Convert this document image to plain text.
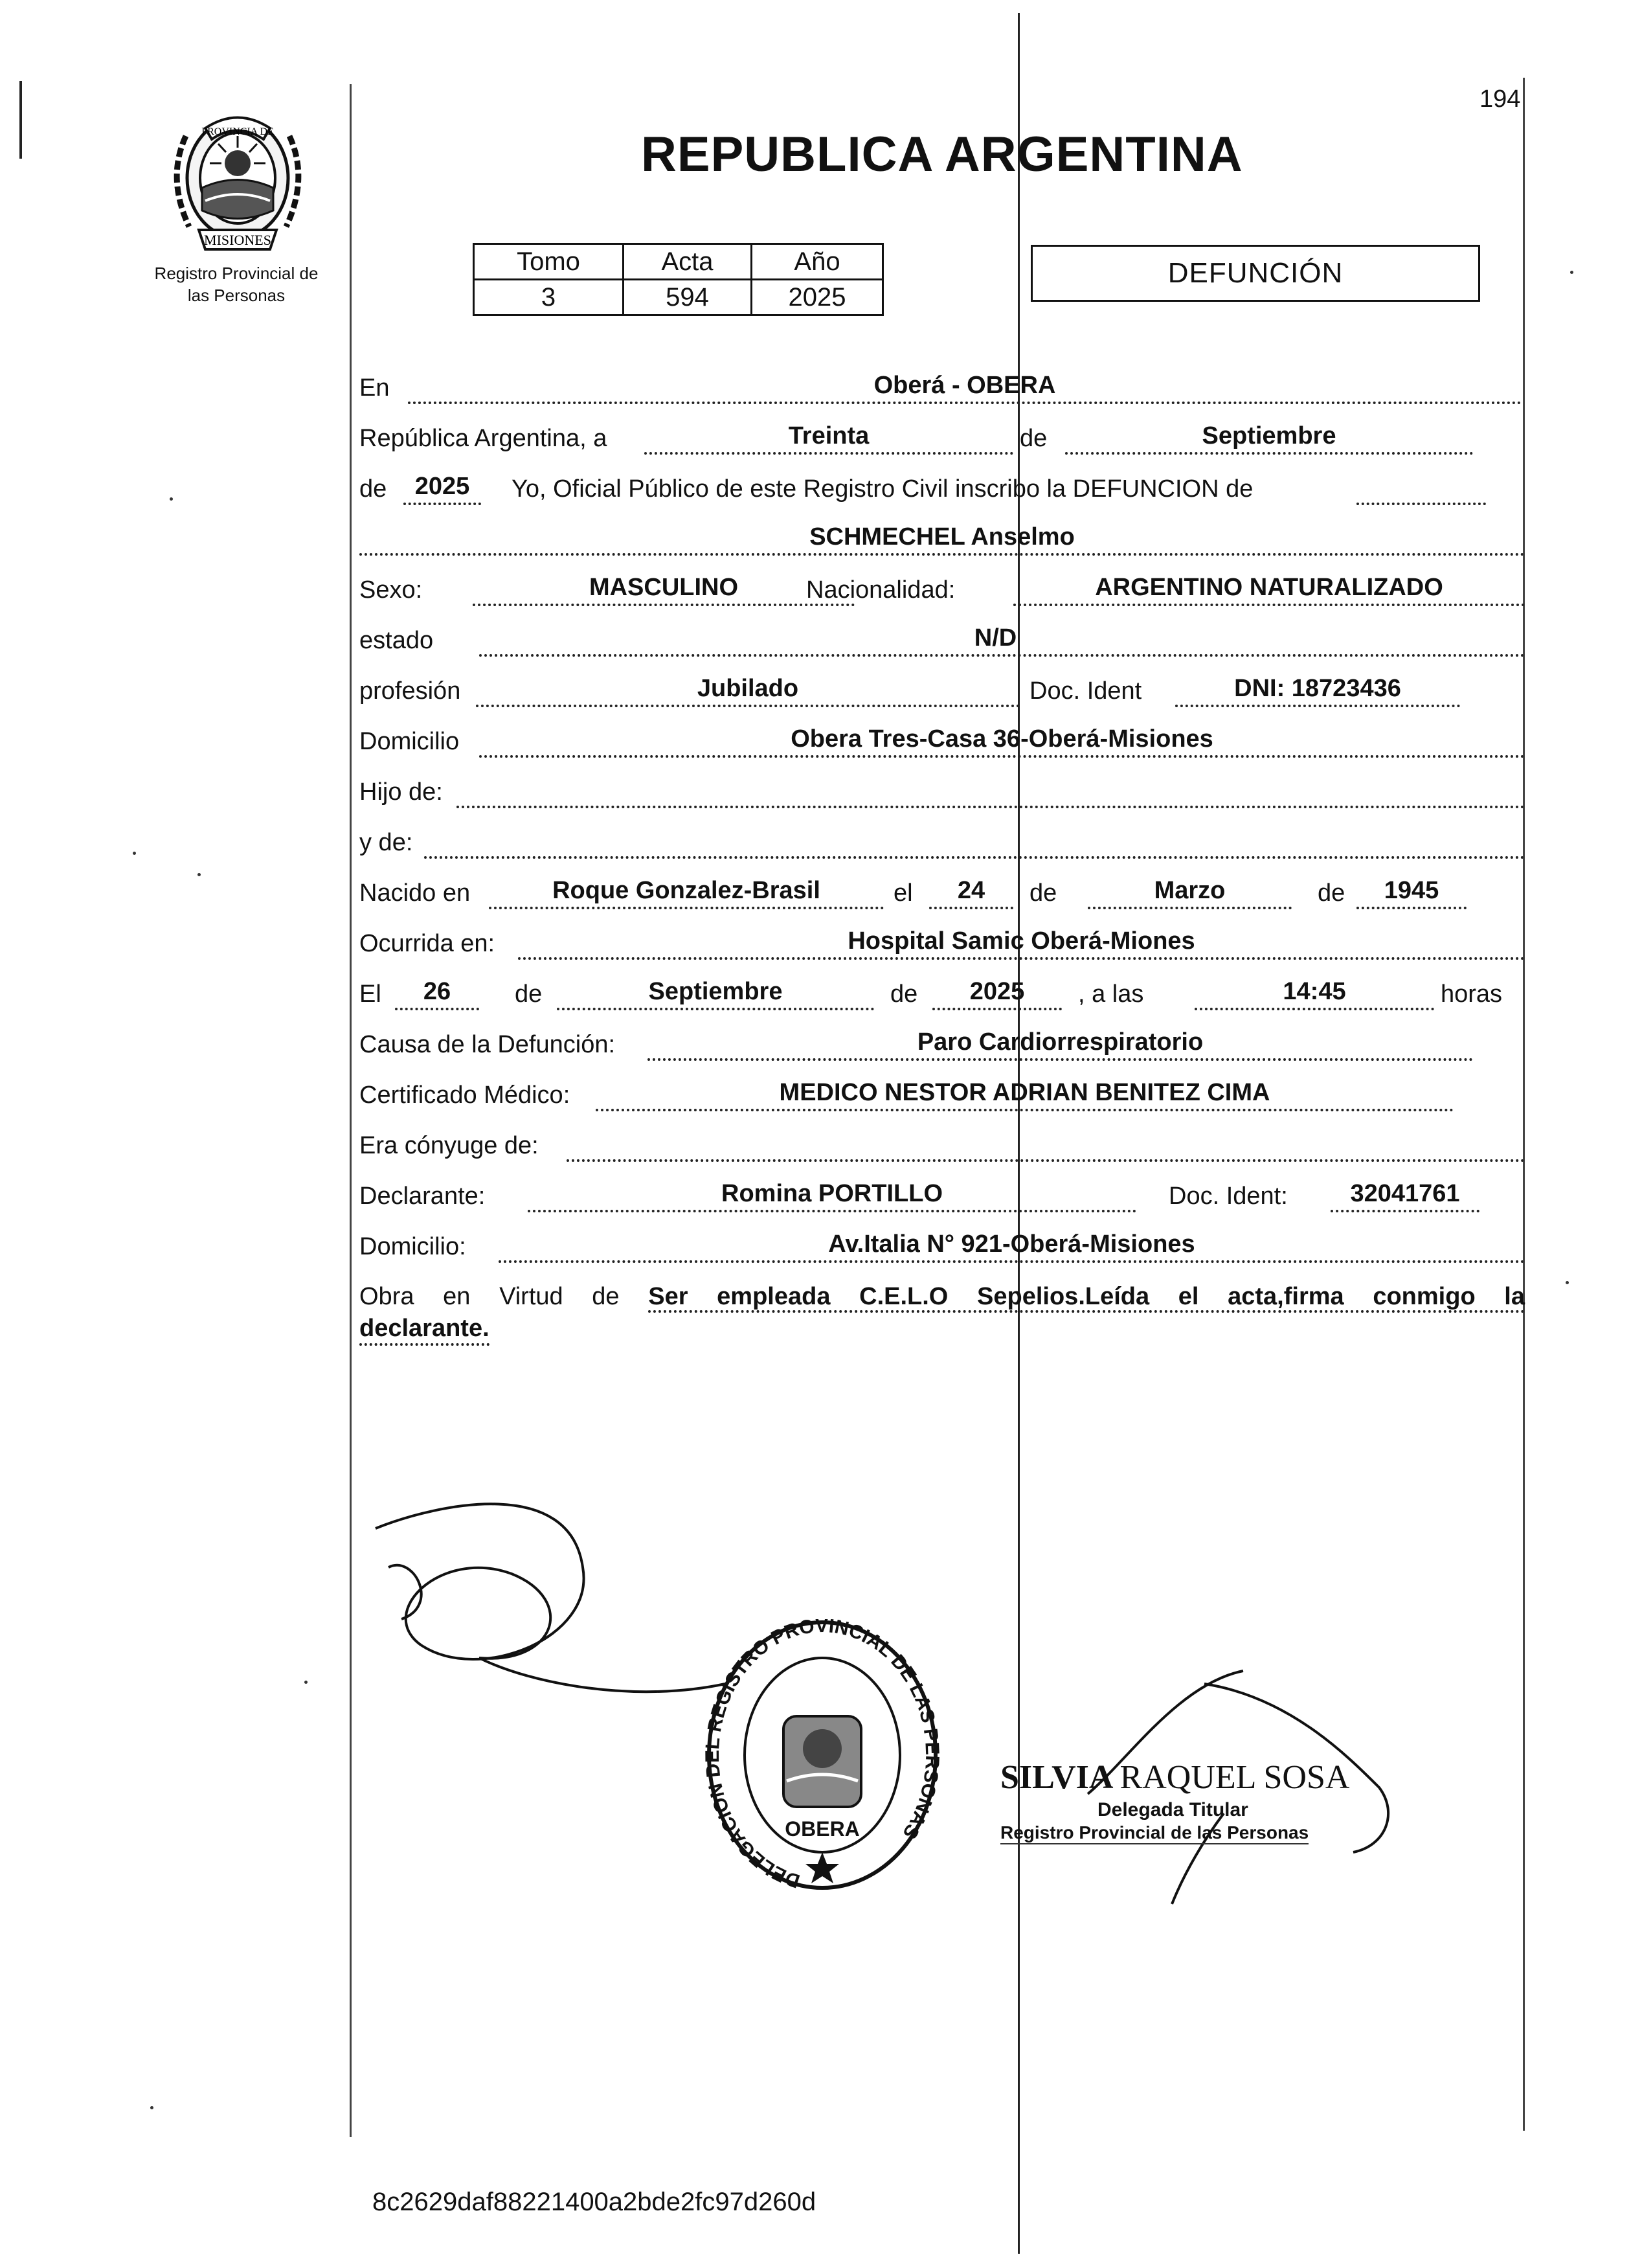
194
PROVINCIA DE
MISIONES
Registro Provincial de
las Personas
REPUBLICA ARGENTINA
Tomo	Acta	Año
3	594	2025
DEFUNCIÓN
En	Oberá - OBERA
República Argentina, a	Treinta	de	Septiembre
de	2025	Yo, Oficial Público de este Registro Civil inscribo la DEFUNCION de
SCHMECHEL Anselmo
Sexo:	MASCULINO	Nacionalidad:	ARGENTINO NATURALIZADO
estado	N/D
profesión	Jubilado	Doc. Ident	DNI: 18723436
Domicilio	Obera Tres-Casa 36-Oberá-Misiones
Hijo de:
y de:
Nacido en	Roque Gonzalez-Brasil	el	24	de	Marzo	de	1945
Ocurrida en:	Hospital Samic Oberá-Miones
El	26	de	Septiembre	de	2025	, a las	14:45	horas
Causa de la Defunción:	Paro Cardiorrespiratorio
Certificado Médico:	MEDICO NESTOR ADRIAN BENITEZ CIMA
Era cónyuge de:
Declarante:	Romina PORTILLO	Doc. Ident:	32041761
Domicilio:	Av.Italia N° 921-Oberá-Misiones
Obra en Virtud de Ser empleada C.E.L.O Sepelios.Leída el acta,firma conmigo la
declarante.
DELEGACION DEL REGISTRO PROVINCIAL DE LAS PERSONAS
OBERA
SILVIA RAQUEL SOSA
Delegada Titular
Registro Provincial de las Personas
8c2629daf88221400a2bde2fc97d260d
